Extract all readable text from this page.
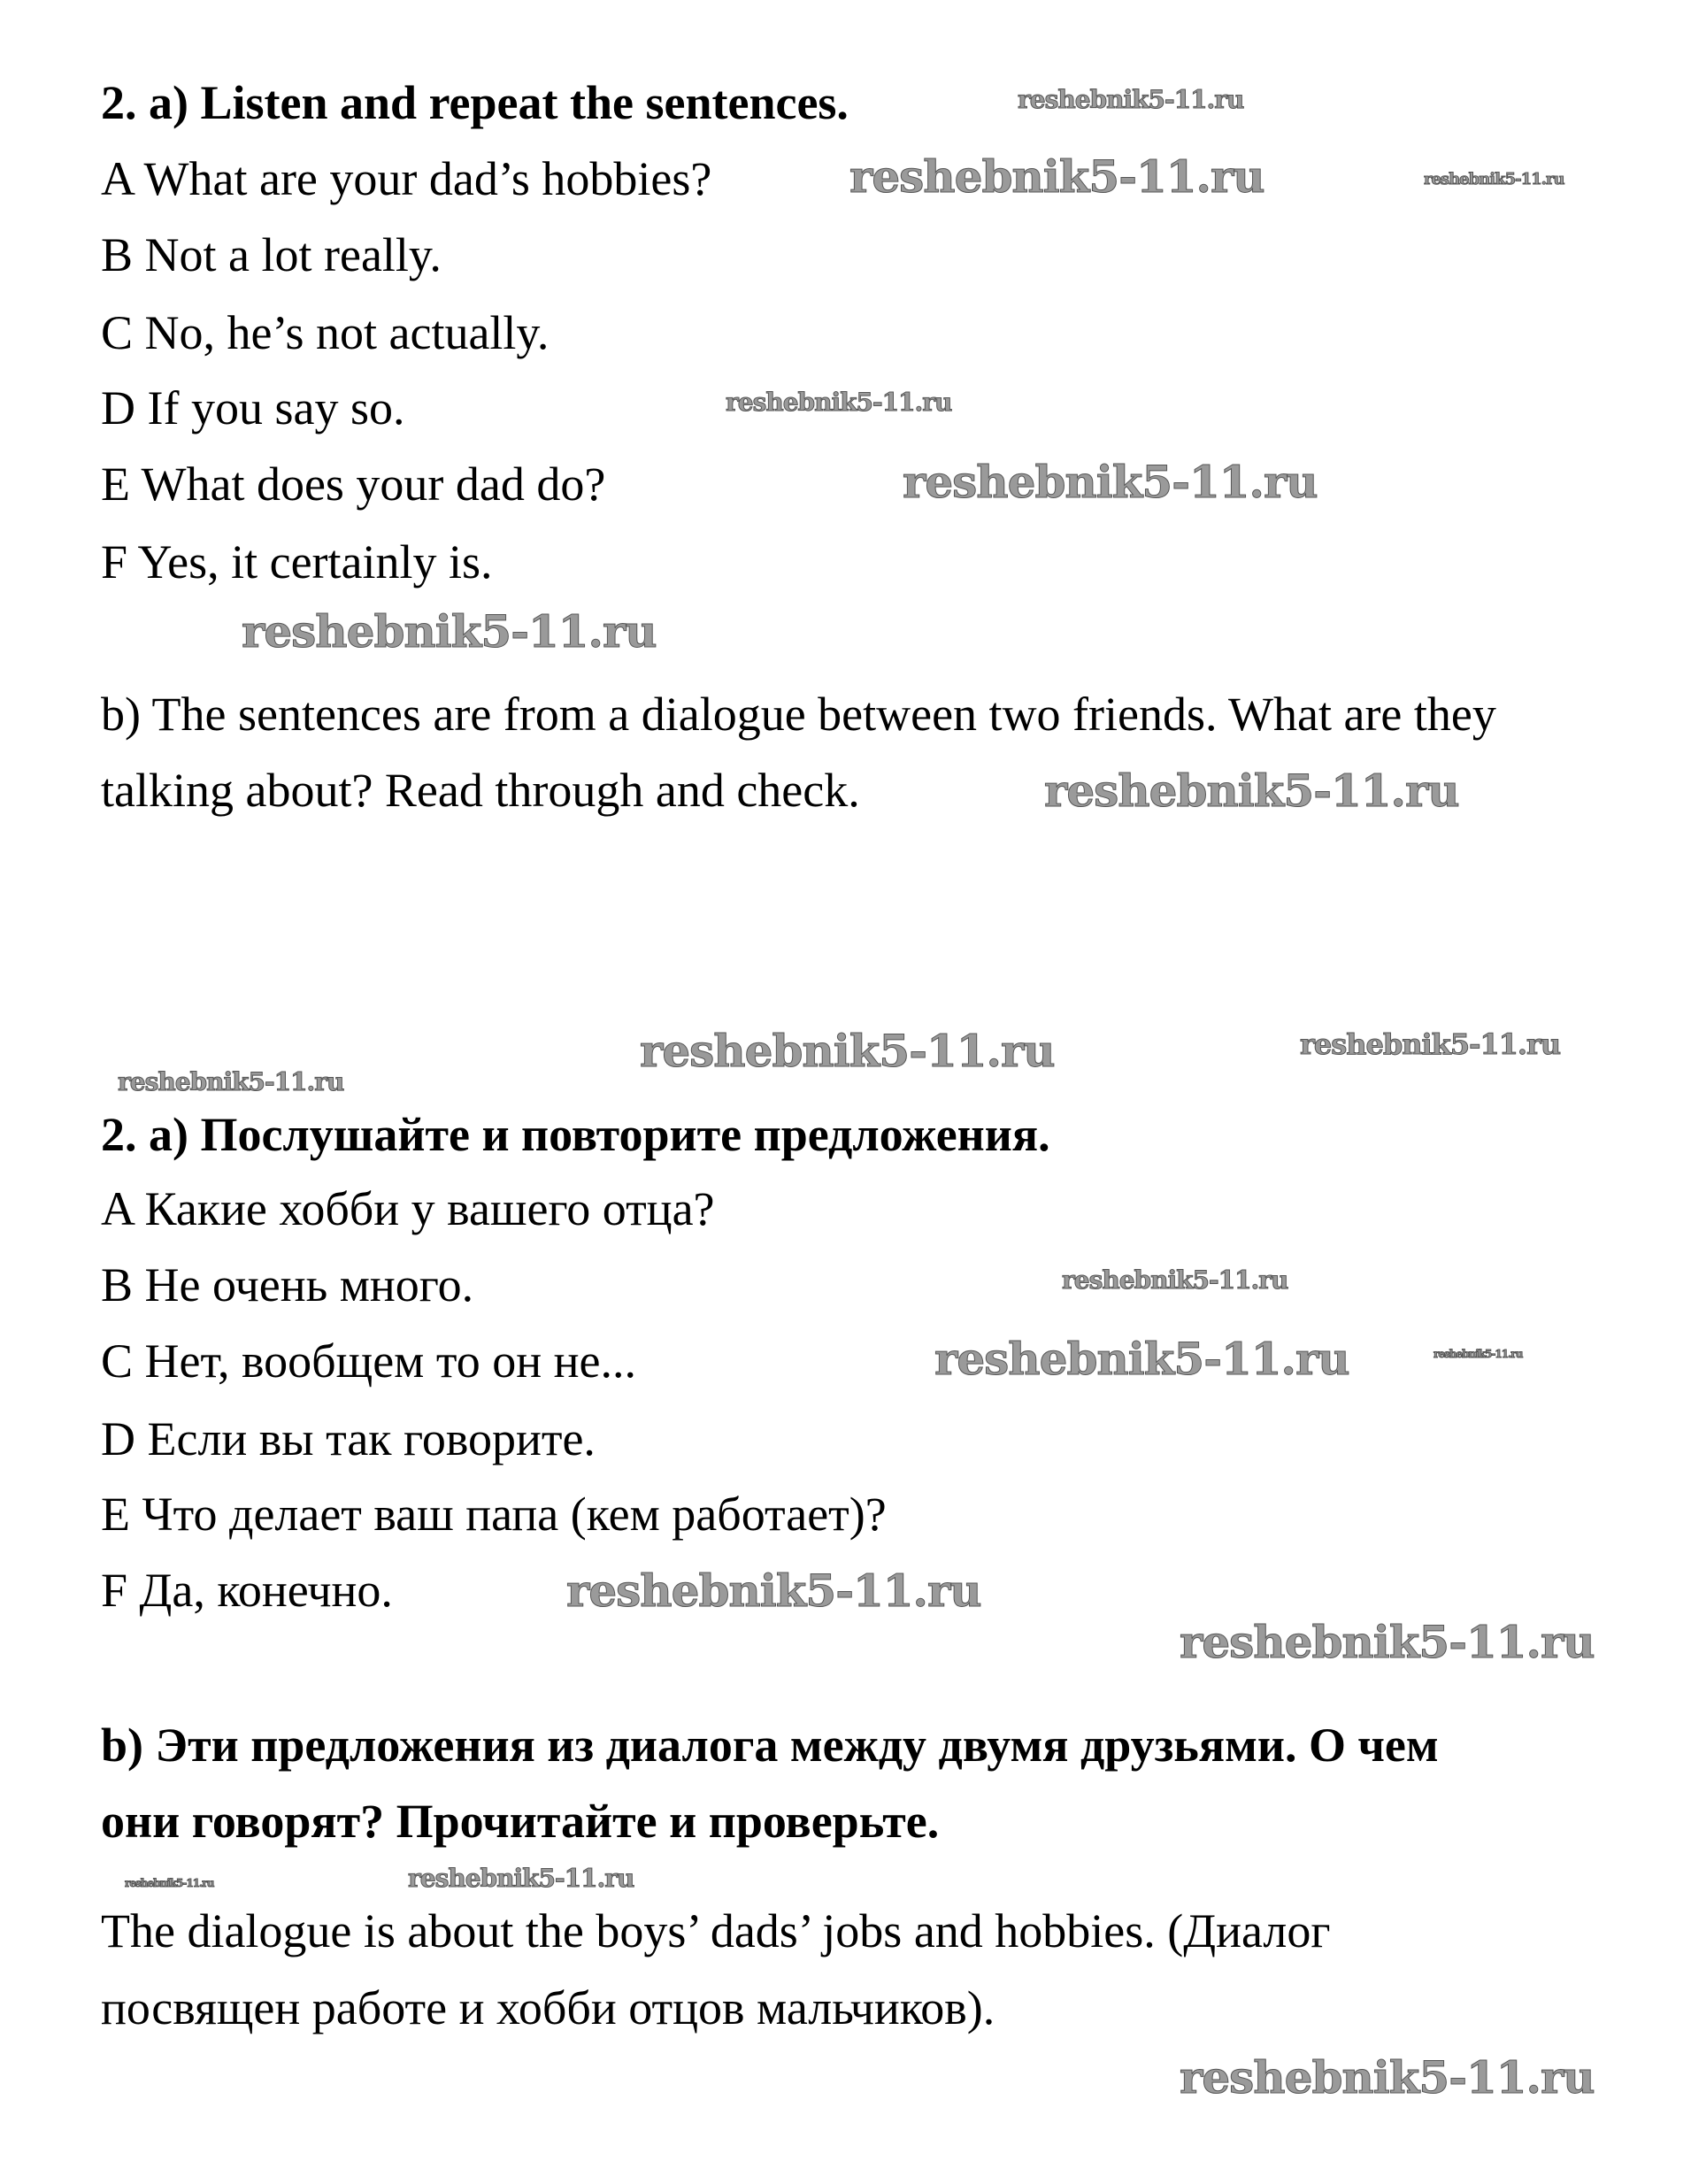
2. a) Listen and repeat the sentences.
A What are your dad’s hobbies?
B Not a lot really.
C No, he’s not actually.
D If you say so.
E What does your dad do?
F Yes, it certainly is.
b) The sentences are from a dialogue between two friends. What are they
talking about? Read through and check.
2. а) Послушайте и повторите предложения.
A Какие хобби у вашего отца?
B Не очень много.
C Нет, вообщем то он не...
D Если вы так говорите.
E Что делает ваш папа (кем работает)?
F Да, конечно.
b) Эти предложения из диалога между двумя друзьями. О чем
они говорят? Прочитайте и проверьте.
The dialogue is about the boys’ dads’ jobs and hobbies. (Диалог
посвящен работе и хобби отцов мальчиков).
reshebnik5-11.ru
reshebnik5-11.ru	reshebnik5-11.ru
reshebnik5-11.ru
reshebnik5-11.ru
reshebnik5-11.ru
reshebnik5-11.ru
reshebnik5-11.ru	reshebnik5-11.ru
reshebnik5-11.ru
reshebnik5-11.ru
reshebnik5-11.ru
reshebnik5-11.ru
reshebnik5-11.ru
reshebnik5-11.ru
reshebnik5-11.ru	reshebnik5-11.ru
reshebnik5-11.ru
